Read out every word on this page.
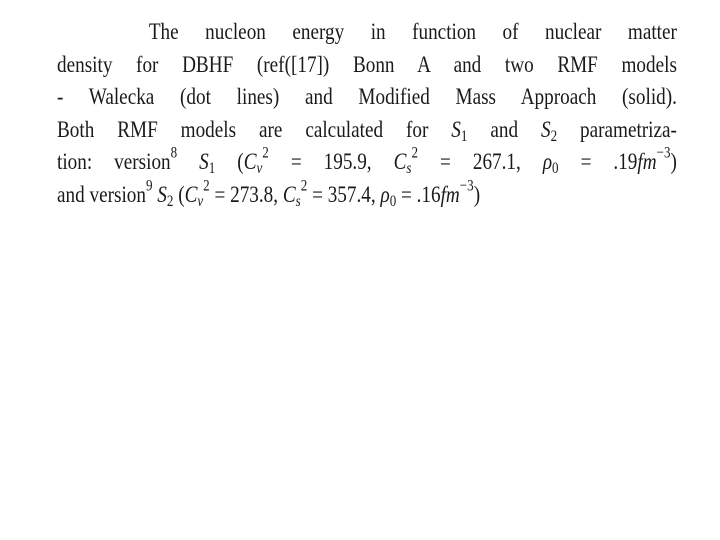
The nucleon energy in function of nuclear matter
density for DBHF (ref([17]) Bonn A and two RMF models
- Walecka (dot lines) and Modified Mass Approach (solid).
Both RMF models are calculated for $S_1$ and $S_2$ parametriza-
tion: version$^8$ $S_1$ ($C_v^2 = 195.9$, $C_s^2 = 267.1$, $\rho_0 = .19fm^{-3}$)
and version$^9$ $S_2$ ($C_v^2 = 273.8$, $C_s^2 = 357.4$, $\rho_0 = .16fm^{-3}$)
